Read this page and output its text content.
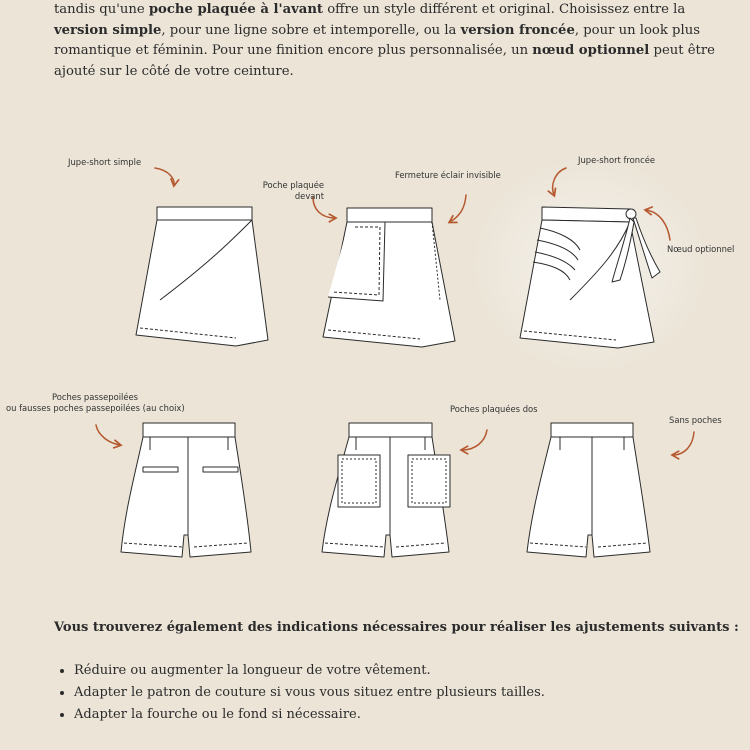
tandis qu'une poche plaquée à l'avant offre un style différent et original. Choisissez entre la version simple, pour une ligne sobre et intemporelle, ou la version froncée, pour un look plus romantique et féminin. Pour une finition encore plus personnalisée, un nœud optionnel peut être ajouté sur le côté de votre ceinture.

Jupe-short simple
Poche plaquée
devant
Fermeture éclair invisible
Jupe-short froncée
Nœud optionnel
Poches passepoilées
ou fausses poches passepoilées (au choix)	Poches plaquées dos
Sans poches

Vous trouverez également des indications nécessaires pour réaliser les ajustements suivants :

• Réduire ou augmenter la longueur de votre vêtement.
• Adapter le patron de couture si vous vous situez entre plusieurs tailles.
• Adapter la fourche ou le fond si nécessaire.
